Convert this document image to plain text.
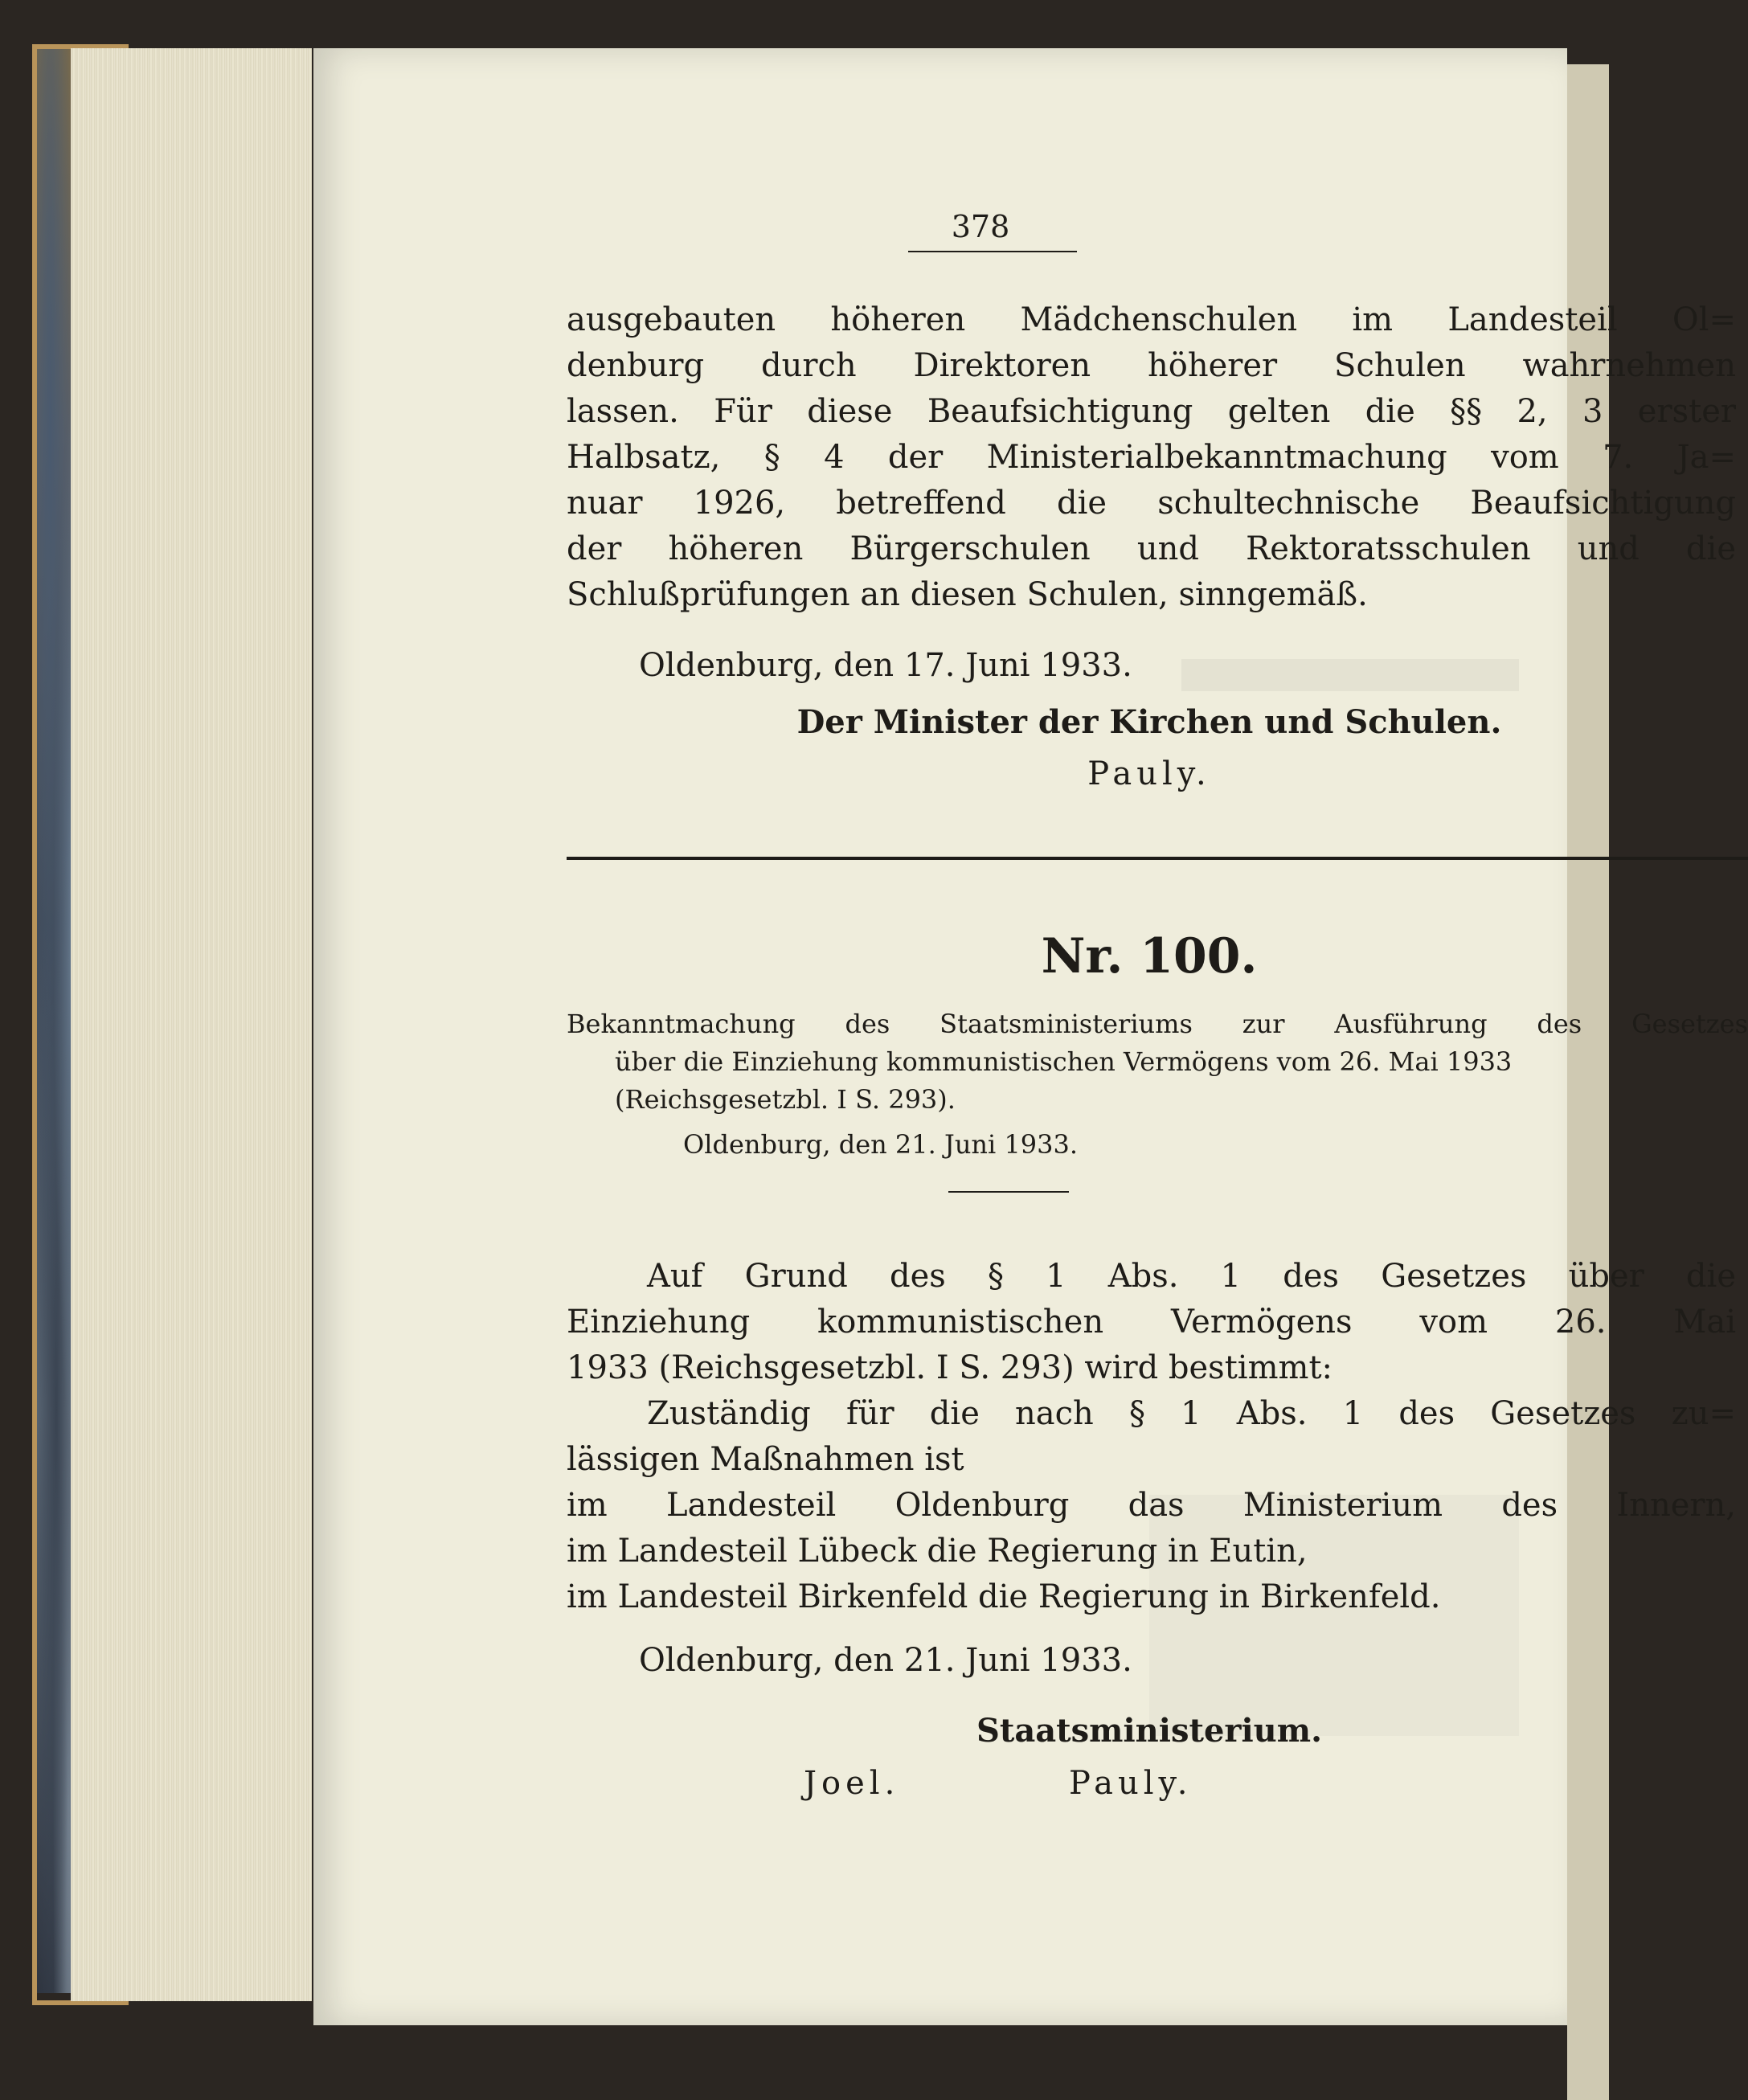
378
ausgebauten höheren Mädchenschulen im Landesteil Ol=
denburg durch Direktoren höherer Schulen wahrnehmen
lassen. Für diese Beaufsichtigung gelten die §§ 2, 3 erster
Halbsatz, § 4 der Ministerialbekanntmachung vom 7. Ja=
nuar 1926, betreffend die schultechnische Beaufsichtigung
der höheren Bürgerschulen und Rektoratsschulen und die
Schlußprüfungen an diesen Schulen, sinngemäß.
Oldenburg, den 17. Juni 1933.
Der Minister der Kirchen und Schulen.
Pauly.
Nr. 100.
Bekanntmachung des Staatsministeriums zur Ausführung des Gesetzes
über die Einziehung kommunistischen Vermögens vom 26. Mai 1933
(Reichsgesetzbl. I S. 293).
Oldenburg, den 21. Juni 1933.
Auf Grund des § 1 Abs. 1 des Gesetzes über die
Einziehung kommunistischen Vermögens vom 26. Mai
1933 (Reichsgesetzbl. I S. 293) wird bestimmt:
Zuständig für die nach § 1 Abs. 1 des Gesetzes zu=
lässigen Maßnahmen ist
im Landesteil Oldenburg das Ministerium des Innern,
im Landesteil Lübeck die Regierung in Eutin,
im Landesteil Birkenfeld die Regierung in Birkenfeld.
Oldenburg, den 21. Juni 1933.
Staatsministerium.
Joel.	Pauly.
